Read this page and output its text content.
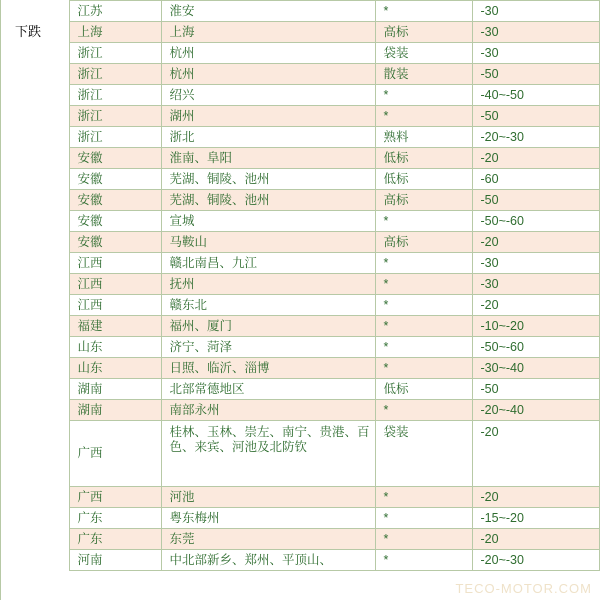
	江苏	淮安	*	-30
下跌	上海	上海	高标	-30
	浙江	杭州	袋装	-30
	浙江	杭州	散装	-50
	浙江	绍兴	*	-40~-50
	浙江	湖州	*	-50
	浙江	浙北	熟料	-20~-30
	安徽	淮南、阜阳	低标	-20
	安徽	芜湖、铜陵、池州	低标	-60
	安徽	芜湖、铜陵、池州	高标	-50
	安徽	宣城	*	-50~-60
	安徽	马鞍山	高标	-20
	江西	赣北南昌、九江	*	-30
	江西	抚州	*	-30
	江西	赣东北	*	-20
	福建	福州、厦门	*	-10~-20
	山东	济宁、菏泽	*	-50~-60
	山东	日照、临沂、淄博	*	-30~-40
	湖南	北部常德地区	低标	-50
	湖南	南部永州	*	-20~-40
	广西	桂林、玉林、崇左、南宁、贵港、百色、来宾、河池及北防钦	袋装	-20
	广西	河池	*	-20
	广东	粤东梅州	*	-15~-20
	广东	东莞	*	-20
	河南	中北部新乡、郑州、平顶山、	*	-20~-30
TECO-MOTOR.COM
